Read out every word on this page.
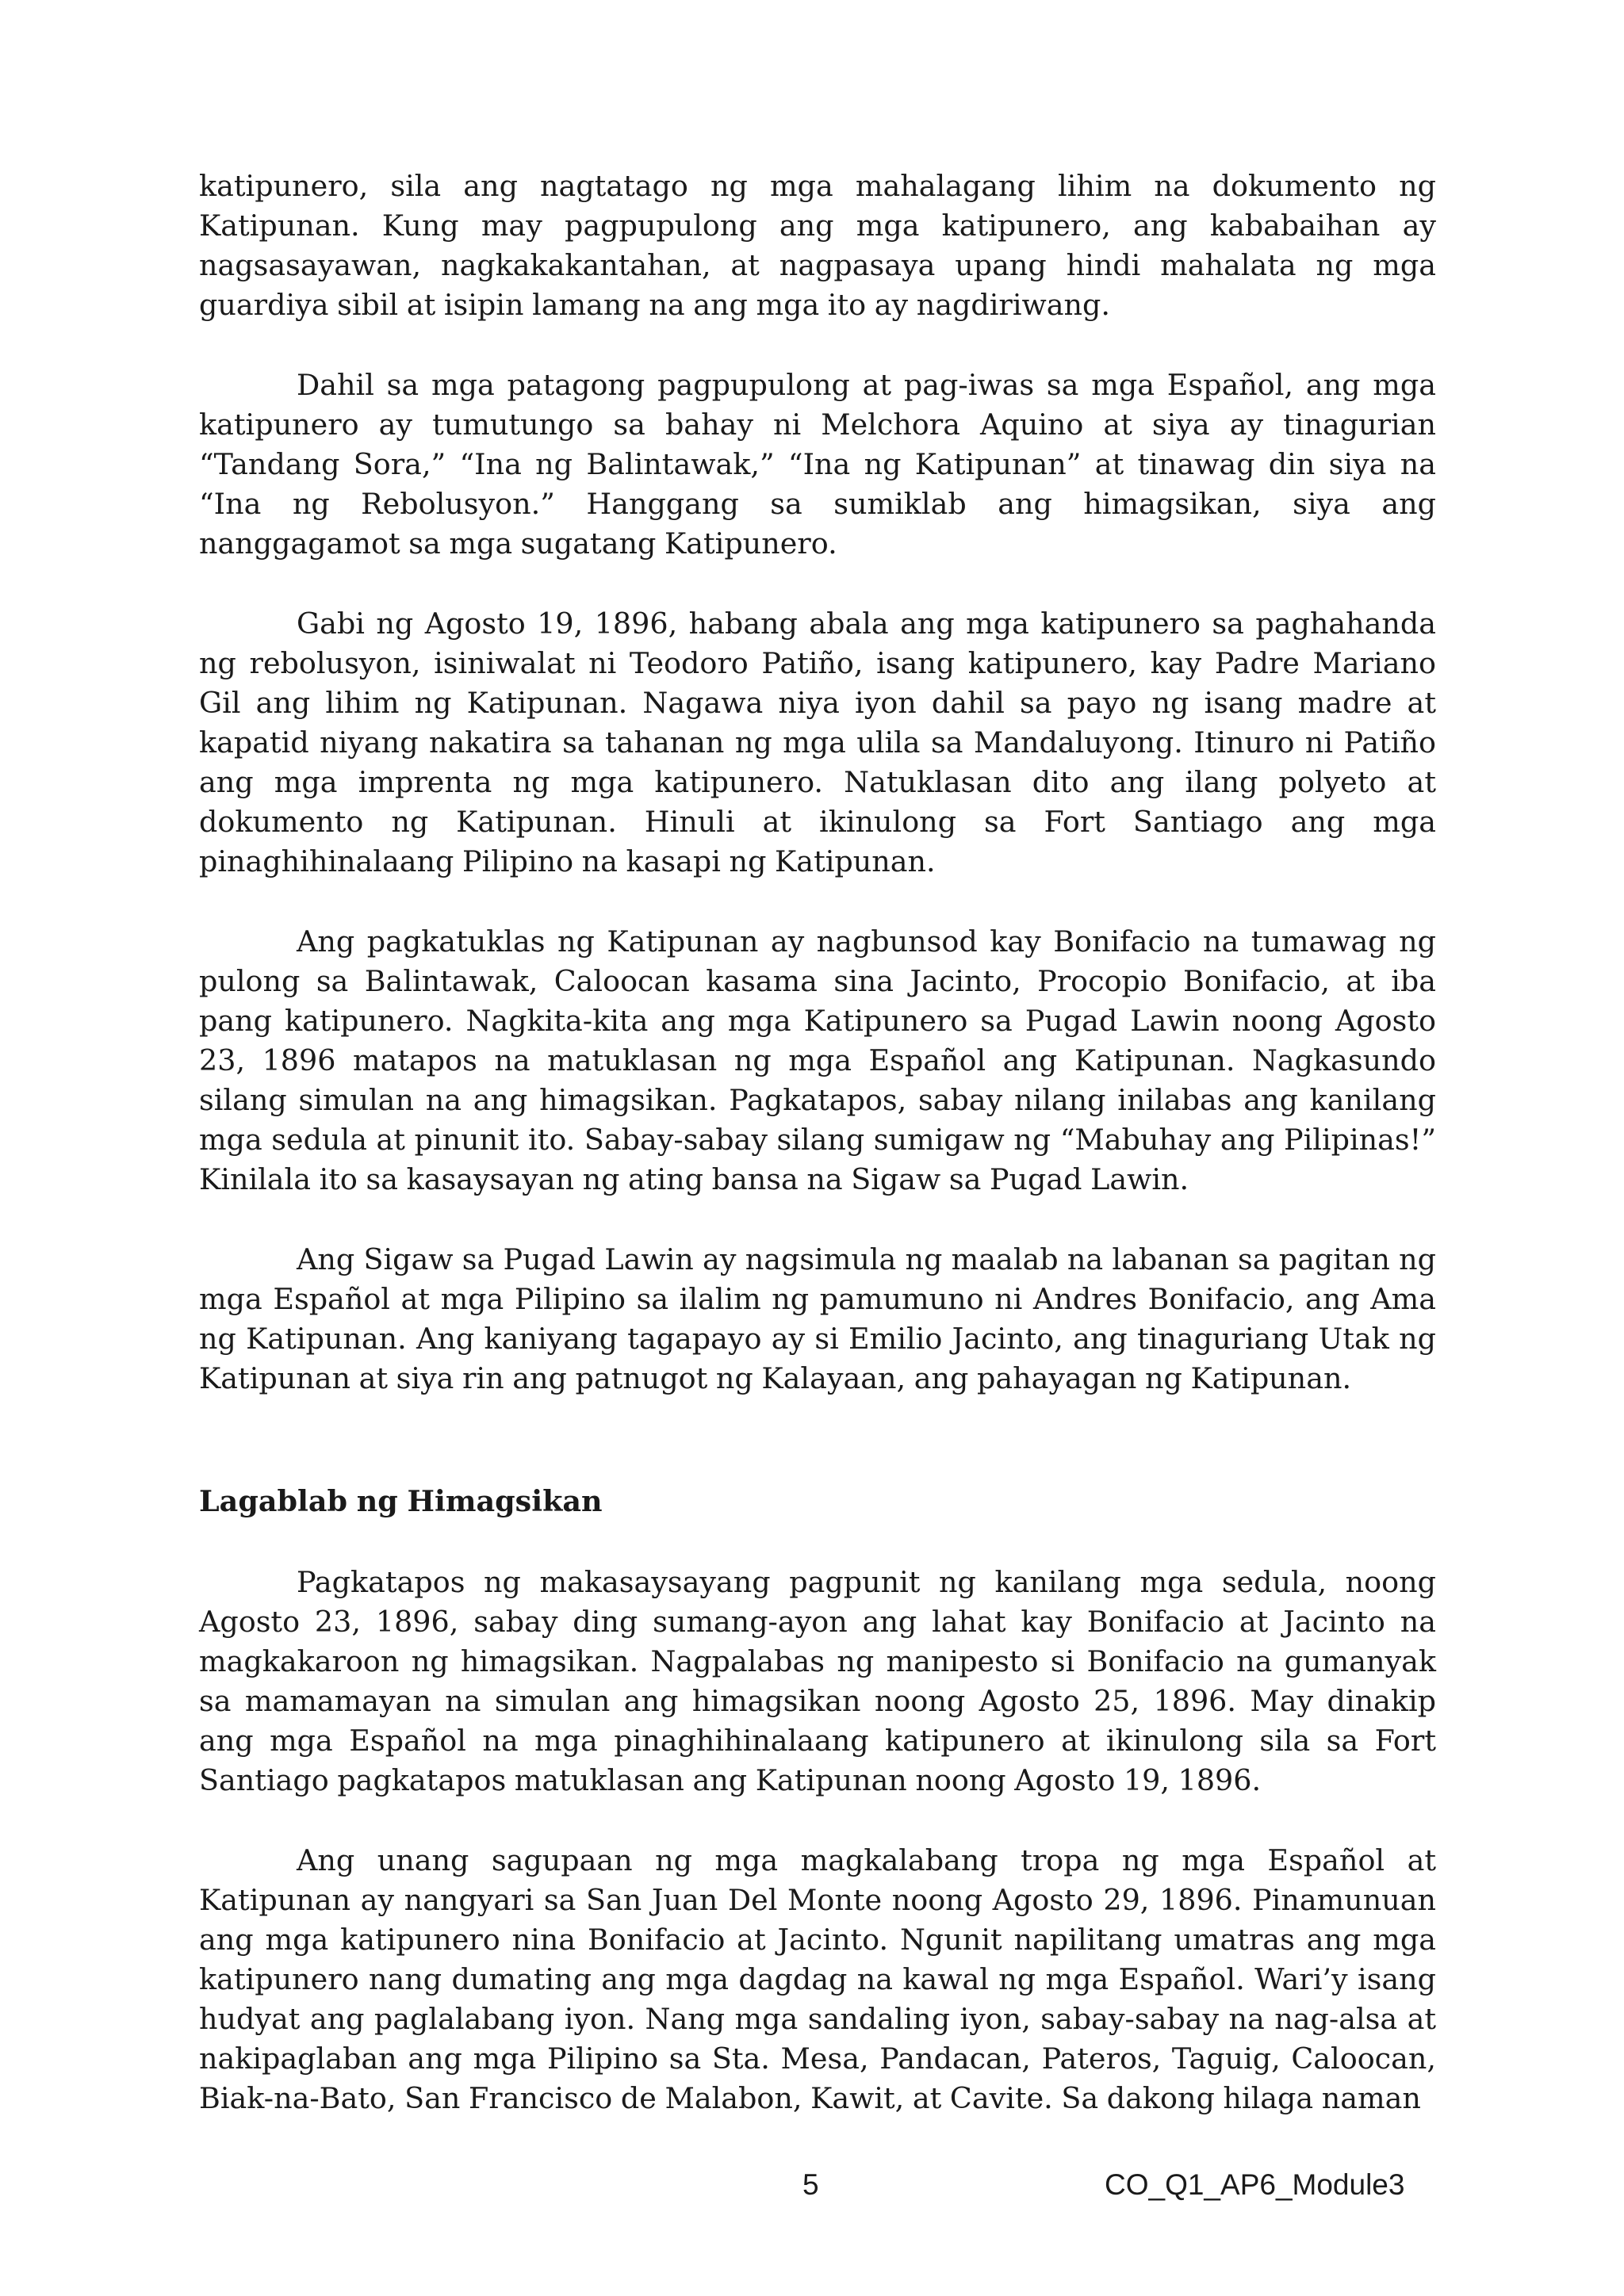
katipunero, sila ang nagtatago ng mga mahalagang lihim na dokumento ng Katipunan. Kung may pagpupulong ang mga katipunero, ang kababaihan ay nagsasayawan, nagkakakantahan, at nagpasaya upang hindi mahalata ng mga guardiya sibil at isipin lamang na ang mga ito ay nagdiriwang.

Dahil sa mga patagong pagpupulong at pag-iwas sa mga Español, ang mga katipunero ay tumutungo sa bahay ni Melchora Aquino at siya ay tinagurian “Tandang Sora,” “Ina ng Balintawak,” “Ina ng Katipunan” at tinawag din siya na “Ina ng Rebolusyon.” Hanggang sa sumiklab ang himagsikan, siya ang nanggagamot sa mga sugatang Katipunero.

Gabi ng Agosto 19, 1896, habang abala ang mga katipunero sa paghahanda ng rebolusyon, isiniwalat ni Teodoro Patiño, isang katipunero, kay Padre Mariano Gil ang lihim ng Katipunan. Nagawa niya iyon dahil sa payo ng isang madre at kapatid niyang nakatira sa tahanan ng mga ulila sa Mandaluyong. Itinuro ni Patiño ang mga imprenta ng mga katipunero. Natuklasan dito ang ilang polyeto at dokumento ng Katipunan. Hinuli at ikinulong sa Fort Santiago ang mga pinaghihinalaang Pilipino na kasapi ng Katipunan.

Ang pagkatuklas ng Katipunan ay nagbunsod kay Bonifacio na tumawag ng pulong sa Balintawak, Caloocan kasama sina Jacinto, Procopio Bonifacio, at iba pang katipunero. Nagkita-kita ang mga Katipunero sa Pugad Lawin noong Agosto 23, 1896 matapos na matuklasan ng mga Español ang Katipunan. Nagkasundo silang simulan na ang himagsikan. Pagkatapos, sabay nilang inilabas ang kanilang mga sedula at pinunit ito. Sabay-sabay silang sumigaw ng “Mabuhay ang Pilipinas!” Kinilala ito sa kasaysayan ng ating bansa na Sigaw sa Pugad Lawin.

Ang Sigaw sa Pugad Lawin ay nagsimula ng maalab na labanan sa pagitan ng mga Español at mga Pilipino sa ilalim ng pamumuno ni Andres Bonifacio, ang Ama ng Katipunan. Ang kaniyang tagapayo ay si Emilio Jacinto, ang tinaguriang Utak ng Katipunan at siya rin ang patnugot ng Kalayaan, ang pahayagan ng Katipunan.

Lagablab ng Himagsikan

Pagkatapos ng makasaysayang pagpunit ng kanilang mga sedula, noong Agosto 23, 1896, sabay ding sumang-ayon ang lahat kay Bonifacio at Jacinto na magkakaroon ng himagsikan. Nagpalabas ng manipesto si Bonifacio na gumanyak sa mamamayan na simulan ang himagsikan noong Agosto 25, 1896. May dinakip ang mga Español na mga pinaghihinalaang katipunero at ikinulong sila sa Fort Santiago pagkatapos matuklasan ang Katipunan noong Agosto 19, 1896.

Ang unang sagupaan ng mga magkalabang tropa ng mga Español at Katipunan ay nangyari sa San Juan Del Monte noong Agosto 29, 1896. Pinamunuan ang mga katipunero nina Bonifacio at Jacinto. Ngunit napilitang umatras ang mga katipunero nang dumating ang mga dagdag na kawal ng mga Español. Wari’y isang hudyat ang paglalabang iyon. Nang mga sandaling iyon, sabay-sabay na nag-alsa at nakipaglaban ang mga Pilipino sa Sta. Mesa, Pandacan, Pateros, Taguig, Caloocan, Biak-na-Bato, San Francisco de Malabon, Kawit, at Cavite. Sa dakong hilaga naman

5	CO_Q1_AP6_Module3
